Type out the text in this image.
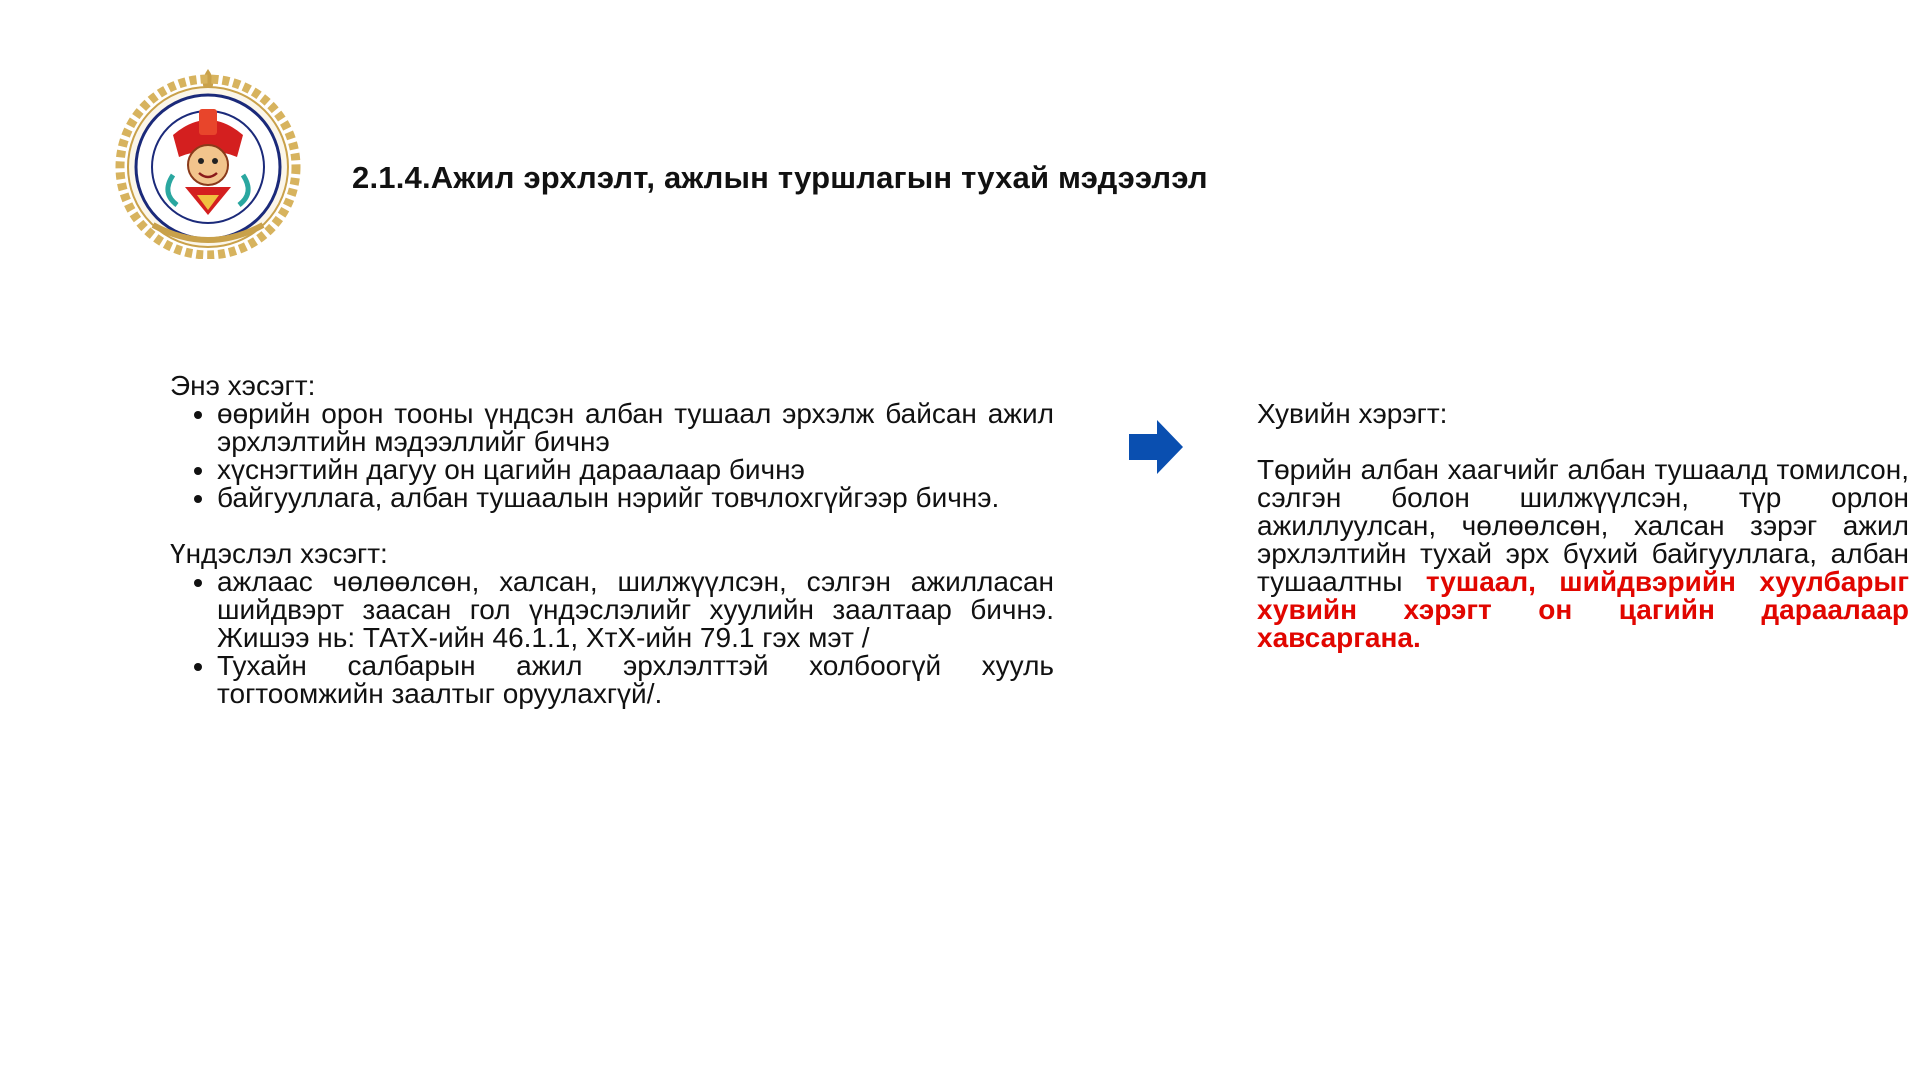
2.1.4.Ажил эрхлэлт, ажлын туршлагын тухай мэдээлэл

Энэ хэсэгт:

• өөрийн орон тооны үндсэн албан тушаал эрхэлж байсан ажил эрхлэлтийн мэдээллийг бичнэ
• хүснэгтийн дагуу он цагийн дараалаар бичнэ
• байгууллага, албан тушаалын нэрийг товчлохгүйгээр бичнэ.

Үндэслэл хэсэгт:

• ажлаас чөлөөлсөн, халсан, шилжүүлсэн, сэлгэн ажилласан шийдвэрт заасан гол үндэслэлийг хуулийн заалтаар бичнэ. Жишээ нь: ТАтХ-ийн 46.1.1, ХтХ-ийн 79.1 гэх мэт /
• Тухайн салбарын ажил эрхлэлттэй холбоогүй хууль тогтоомжийн заалтыг оруулахгүй/.

Хувийн хэрэгт:

Төрийн албан хаагчийг албан тушаалд томилсон, сэлгэн болон шилжүүлсэн, түр орлон ажиллуулсан, чөлөөлсөн, халсан зэрэг ажил эрхлэлтийн тухай эрх бүхий байгууллага, албан тушаалтны тушаал, шийдвэрийн хуулбарыг хувийн хэрэгт он цагийн дараалаар хавсаргана.
